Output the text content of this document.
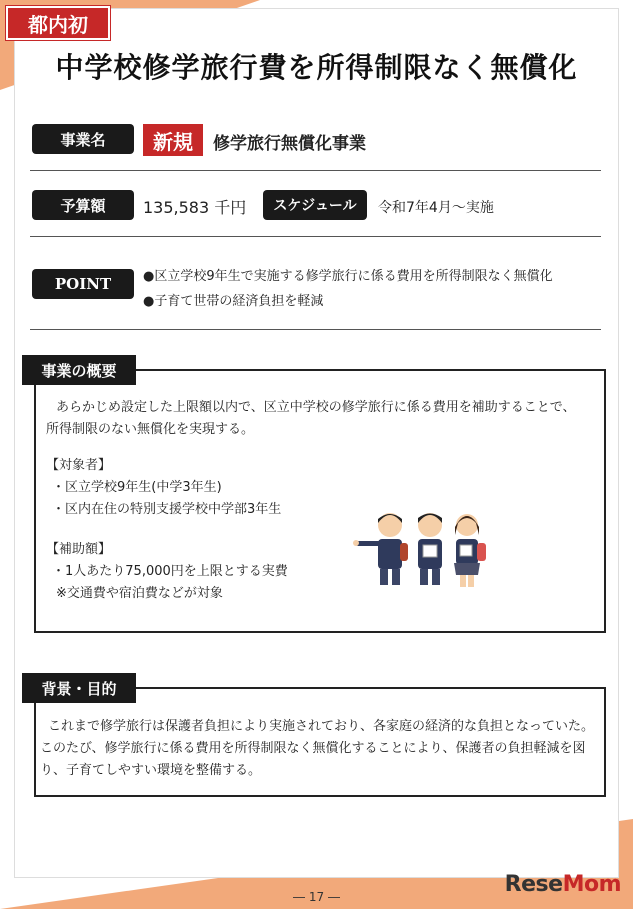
都内初
中学校修学旅行費を所得制限なく無償化
事業名	新規	修学旅行無償化事業
予算額	135,583 千円	スケジュール	令和7年4月～実施
POINT	●区立学校9年生で実施する修学旅行に係る費用を所得制限なく無償化
●子育て世帯の経済負担を軽減
事業の概要
あらかじめ設定した上限額以内で、区立中学校の修学旅行に係る費用を補助することで、
所得制限のない無償化を実現する。
【対象者】
・区立学校9年生(中学3年生)
・区内在住の特別支援学校中学部3年生
【補助額】
・1人あたり75,000円を上限とする実費
※交通費や宿泊費などが対象
背景・目的
これまで修学旅行は保護者負担により実施されており、各家庭の経済的な負担となっていた。
このたび、修学旅行に係る費用を所得制限なく無償化することにより、保護者の負担軽減を図
り、子育てしやすい環境を整備する。
― 17 ―	ReseMom
